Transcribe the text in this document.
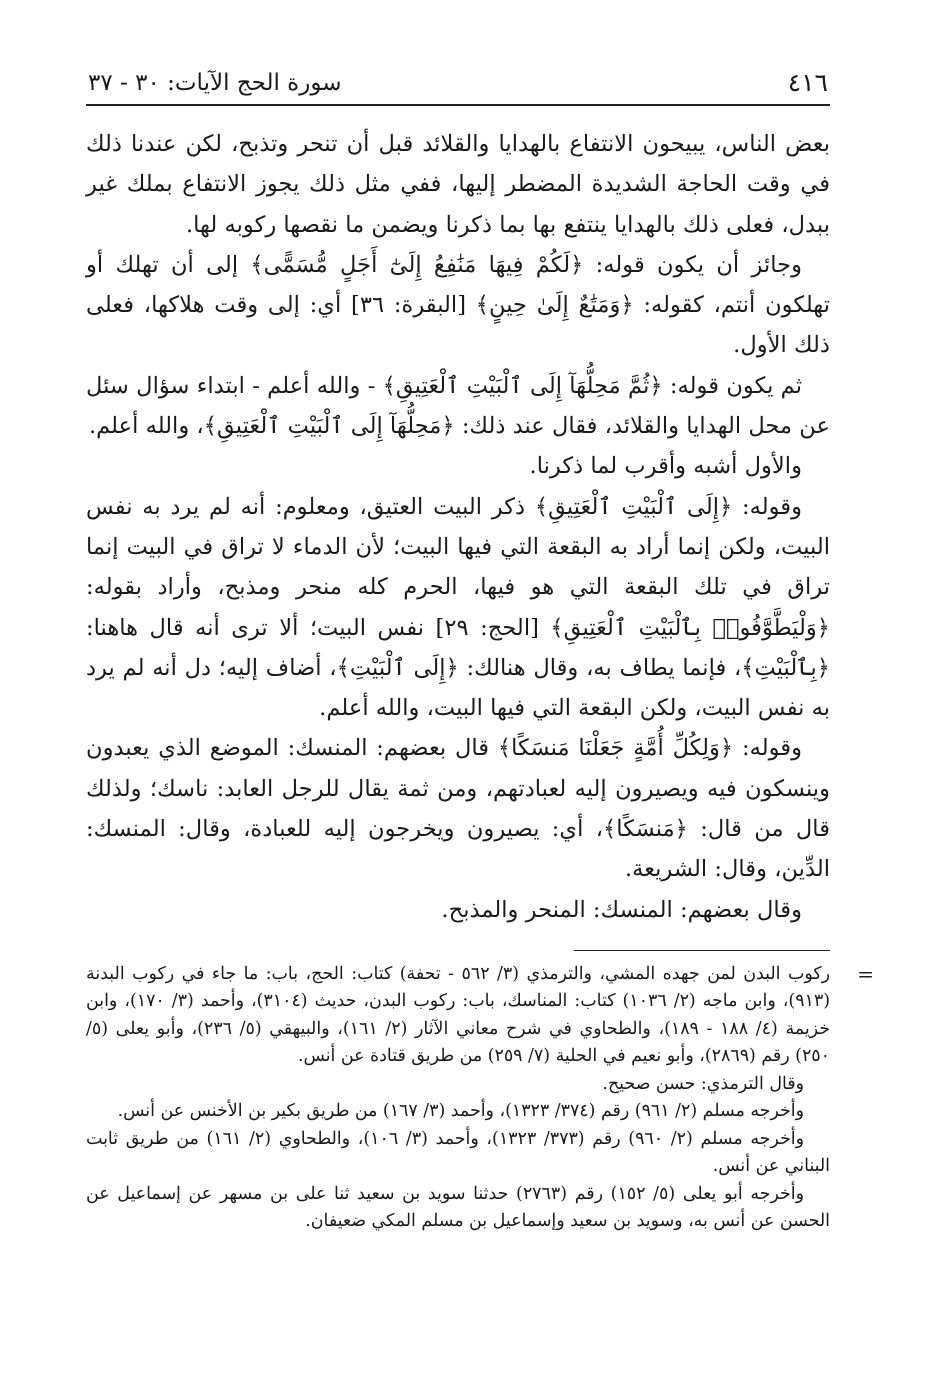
٤١٦
سورة الحج الآيات: ٣٠ - ٣٧

بعض الناس، يبيحون الانتفاع بالهدايا والقلائد قبل أن تنحر وتذبح، لكن عندنا ذلك في وقت الحاجة الشديدة المضطر إليها، ففي مثل ذلك يجوز الانتفاع بملك غير ببدل، فعلى ذلك بالهدايا ينتفع بها بما ذكرنا ويضمن ما نقصها ركوبه لها.

وجائز أن يكون قوله: ﴿لَكُمْ فِيهَا مَنَٰفِعُ إِلَىٰٓ أَجَلٍ مُّسَمًّى﴾ إلى أن تهلك أو تهلكون أنتم، كقوله: ﴿وَمَتَٰعٌ إِلَىٰ حِينٍ﴾ [البقرة: ٣٦] أي: إلى وقت هلاكها، فعلى ذلك الأول.

ثم يكون قوله: ﴿ثُمَّ مَحِلُّهَآ إِلَى ٱلْبَيْتِ ٱلْعَتِيقِ﴾ - والله أعلم - ابتداء سؤال سئل عن محل الهدايا والقلائد، فقال عند ذلك: ﴿مَحِلُّهَآ إِلَى ٱلْبَيْتِ ٱلْعَتِيقِ﴾، والله أعلم.

والأول أشبه وأقرب لما ذكرنا.

وقوله: ﴿إِلَى ٱلْبَيْتِ ٱلْعَتِيقِ﴾ ذكر البيت العتيق، ومعلوم: أنه لم يرد به نفس البيت، ولكن إنما أراد به البقعة التي فيها البيت؛ لأن الدماء لا تراق في البيت إنما تراق في تلك البقعة التي هو فيها، الحرم كله منحر ومذبح، وأراد بقوله: ﴿وَلْيَطَّوَّفُوا۟ بِٱلْبَيْتِ ٱلْعَتِيقِ﴾ [الحج: ٢٩] نفس البيت؛ ألا ترى أنه قال هاهنا: ﴿بِٱلْبَيْتِ﴾، فإنما يطاف به، وقال هنالك: ﴿إِلَى ٱلْبَيْتِ﴾، أضاف إليه؛ دل أنه لم يرد به نفس البيت، ولكن البقعة التي فيها البيت، والله أعلم.

وقوله: ﴿وَلِكُلِّ أُمَّةٍ جَعَلْنَا مَنسَكًا﴾ قال بعضهم: المنسك: الموضع الذي يعبدون وينسكون فيه ويصيرون إليه لعبادتهم، ومن ثمة يقال للرجل العابد: ناسك؛ ولذلك قال من قال: ﴿مَنسَكًا﴾، أي: يصيرون ويخرجون إليه للعبادة، وقال: المنسك: الدِّين، وقال: الشريعة.

وقال بعضهم: المنسك: المنحر والمذبح.

=

ركوب البدن لمن جهده المشي، والترمذي (٣/ ٥٦٢ - تحفة) كتاب: الحج، باب: ما جاء في ركوب البدنة (٩١٣)، وابن ماجه (٢/ ١٠٣٦) كتاب: المناسك، باب: ركوب البدن، حديث (٣١٠٤)، وأحمد (٣/ ١٧٠)، وابن خزيمة (٤/ ١٨٨ - ١٨٩)، والطحاوي في شرح معاني الآثار (٢/ ١٦١)، والبيهقي (٥/ ٢٣٦)، وأبو يعلى (٥/ ٢٥٠) رقم (٢٨٦٩)، وأبو نعيم في الحلية (٧/ ٢٥٩) من طريق قتادة عن أنس.

وقال الترمذي: حسن صحيح.

وأخرجه مسلم (٢/ ٩٦١) رقم (٣٧٤/ ١٣٢٣)، وأحمد (٣/ ١٦٧) من طريق بكير بن الأخنس عن أنس.

وأخرجه مسلم (٢/ ٩٦٠) رقم (٣٧٣/ ١٣٢٣)، وأحمد (٣/ ١٠٦)، والطحاوي (٢/ ١٦١) من طريق ثابت البناني عن أنس.

وأخرجه أبو يعلى (٥/ ١٥٢) رقم (٢٧٦٣) حدثنا سويد بن سعيد ثنا على بن مسهر عن إسماعيل عن الحسن عن أنس به، وسويد بن سعيد وإسماعيل بن مسلم المكي ضعيفان.
